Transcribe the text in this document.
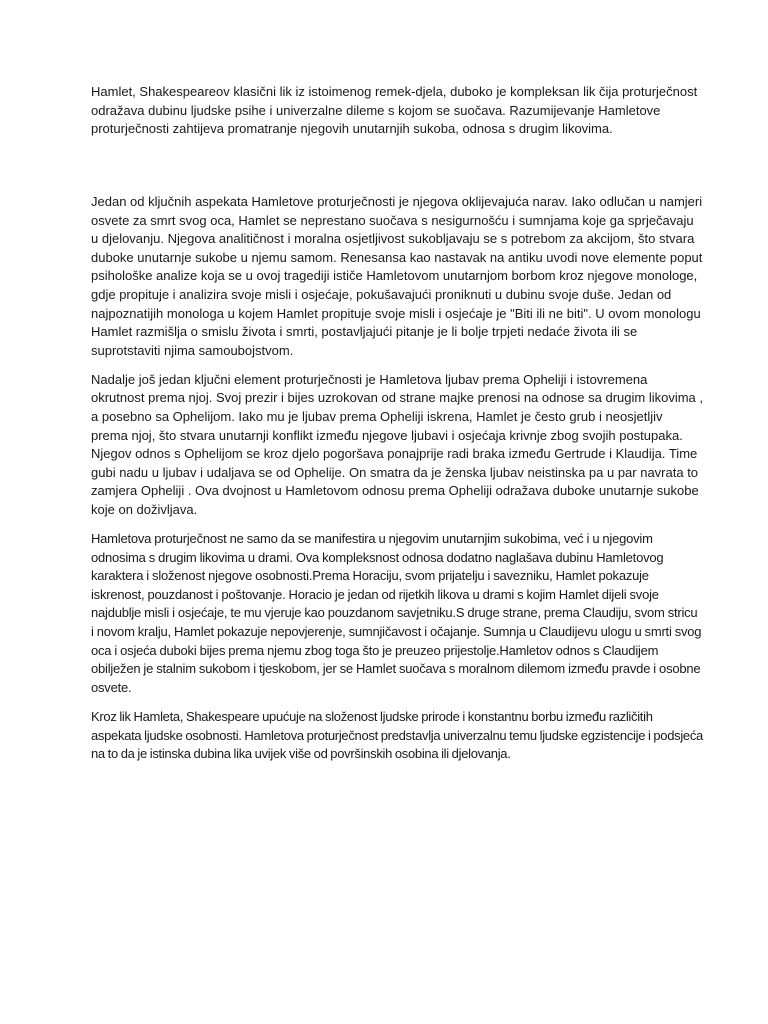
Hamlet, Shakespeareov klasični lik iz istoimenog remek-djela, duboko je kompleksan lik čija proturječnost odražava dubinu ljudske psihe i univerzalne dileme s kojom se suočava. Razumijevanje Hamletove proturječnosti zahtijeva promatranje njegovih unutarnjih sukoba, odnosa s drugim likovima.

Jedan od ključnih aspekata Hamletove proturječnosti je njegova oklijevajuća narav. Iako odlučan u namjeri osvete za smrt svog oca, Hamlet se neprestano suočava s nesigurnošću i sumnjama koje ga sprječavaju u djelovanju. Njegova analitičnost i moralna osjetljivost sukobljavaju se s potrebom za akcijom, što stvara duboke unutarnje sukobe u njemu samom. Renesansa kao nastavak na antiku uvodi nove elemente poput psihološke analize koja se u ovoj tragediji ističe Hamletovom unutarnjom borbom kroz njegove monologe, gdje propituje i analizira svoje misli i osjećaje, pokušavajući proniknuti u dubinu svoje duše. Jedan od najpoznatijih monologa u kojem Hamlet propituje svoje misli i osjećaje je "Biti ili ne biti". U ovom monologu Hamlet razmišlja o smislu života i smrti, postavljajući pitanje je li bolje trpjeti nedaće života ili se suprotstaviti njima samoubojstvom.

Nadalje još jedan ključni element proturječnosti je Hamletova ljubav prema Opheliji i istovremena okrutnost prema njoj. Svoj prezir i bijes uzrokovan od strane majke prenosi na odnose sa drugim likovima , a posebno sa Ophelijom. Iako mu je ljubav prema Opheliji iskrena, Hamlet je često grub i neosjetljiv prema njoj, što stvara unutarnji konflikt između njegove ljubavi i osjećaja krivnje zbog svojih postupaka. Njegov odnos s Ophelijom se kroz djelo pogoršava ponajprije radi braka između Gertrude i Klaudija. Time gubi nadu u ljubav i udaljava se od Ophelije. On smatra da je ženska ljubav neistinska pa u par navrata to zamjera Opheliji . Ova dvojnost u Hamletovom odnosu prema Opheliji odražava duboke unutarnje sukobe koje on doživljava.

Hamletova proturječnost ne samo da se manifestira u njegovim unutarnjim sukobima, već i u njegovim odnosima s drugim likovima u drami. Ova kompleksnost odnosa dodatno naglašava dubinu Hamletovog karaktera i složenost njegove osobnosti.Prema Horaciju, svom prijatelju i savezniku, Hamlet pokazuje iskrenost, pouzdanost i poštovanje. Horacio je jedan od rijetkih likova u drami s kojim Hamlet dijeli svoje najdublje misli i osjećaje, te mu vjeruje kao pouzdanom savjetniku.S druge strane, prema Claudiju, svom stricu i novom kralju, Hamlet pokazuje nepovjerenje, sumnjičavost i očajanje. Sumnja u Claudijevu ulogu u smrti svog oca i osjeća duboki bijes prema njemu zbog toga što je preuzeo prijestolje.Hamletov odnos s Claudijem obilježen je stalnim sukobom i tjeskobom, jer se Hamlet suočava s moralnom dilemom između pravde i osobne osvete.

Kroz lik Hamleta, Shakespeare upućuje na složenost ljudske prirode i konstantnu borbu između različitih aspekata ljudske osobnosti. Hamletova proturječnost predstavlja univerzalnu temu ljudske egzistencije i podsjeća na to da je istinska dubina lika uvijek više od površinskih osobina ili djelovanja.
